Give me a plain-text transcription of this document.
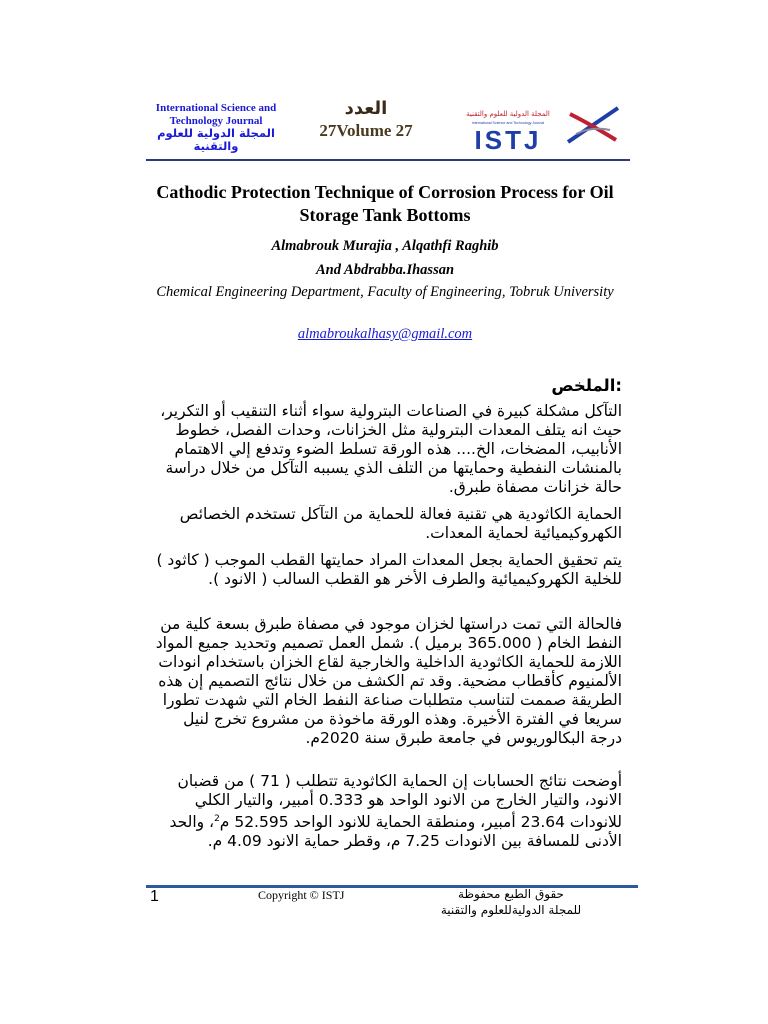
International Science and Technology Journal
المجلة الدولية للعلوم والتقنية
العدد
27Volume 27
المجلة الدولية للعلوم والتقنية
International Science and Technology Journal
ISTJ
Cathodic Protection Technique of Corrosion Process for Oil Storage Tank Bottoms
Almabrouk Murajia , Alqathfi Raghib
And Abdrabba.Ihassan
Chemical Engineering Department, Faculty of Engineering, Tobruk University
almabroukalhasy@gmail.com
:الملخص
التآكل مشكلة كبيرة في الصناعات البترولية سواء أثناء التنقيب أو التكرير، حيث انه يتلف المعدات البترولية مثل الخزانات، وحدات الفصل، خطوط الأنابيب، المضخات، الخ.... هذه الورقة تسلط الضوء وتدفع إلي الاهتمام بالمنشات النفطية وحمايتها من التلف الذي يسببه التآكل من خلال دراسة حالة خزانات مصفاة طبرق.
الحماية الكاثودية هي تقنية فعالة للحماية من التآكل تستخدم الخصائص الكهروكيميائية لحماية المعدات.
يتم تحقيق الحماية بجعل المعدات المراد حمايتها القطب الموجب ( كاثود ) للخلية الكهروكيميائية والطرف الأخر هو القطب السالب ( الانود ).
فالحالة التي تمت دراستها لخزان موجود في مصفاة طبرق بسعة كلية من النفط الخام ( 365.000 برميل ). شمل العمل تصميم وتحديد جميع المواد اللازمة للحماية الكاثودية الداخلية والخارجية لقاع الخزان باستخدام انودات الألمنيوم كأقطاب مضحية. وقد تم الكشف من خلال نتائج التصميم إن هذه الطريقة صممت لتناسب متطلبات صناعة النفط الخام التي شهدت تطورا سريعا في الفترة الأخيرة. وهذه الورقة ماخوذة من مشروع تخرج لنيل درجة البكالوريوس في جامعة طبرق سنة 2020م.
أوضحت نتائج الحسابات إن الحماية الكاثودية تتطلب ( 71 ) من قضبان الانود، والتيار الخارج من الانود الواحد هو 0.333 أمبير، والتيار الكلي للانودات 23.64 أمبير، ومنطقة الحماية للانود الواحد 52.595 م$^2$، والحد الأدنى للمسافة بين الانودات 7.25 م، وقطر حماية الانود 4.09 م.
1	Copyright © ISTJ	حقوق الطبع محفوظة
للمجلة الدوليةللعلوم والتقنية
